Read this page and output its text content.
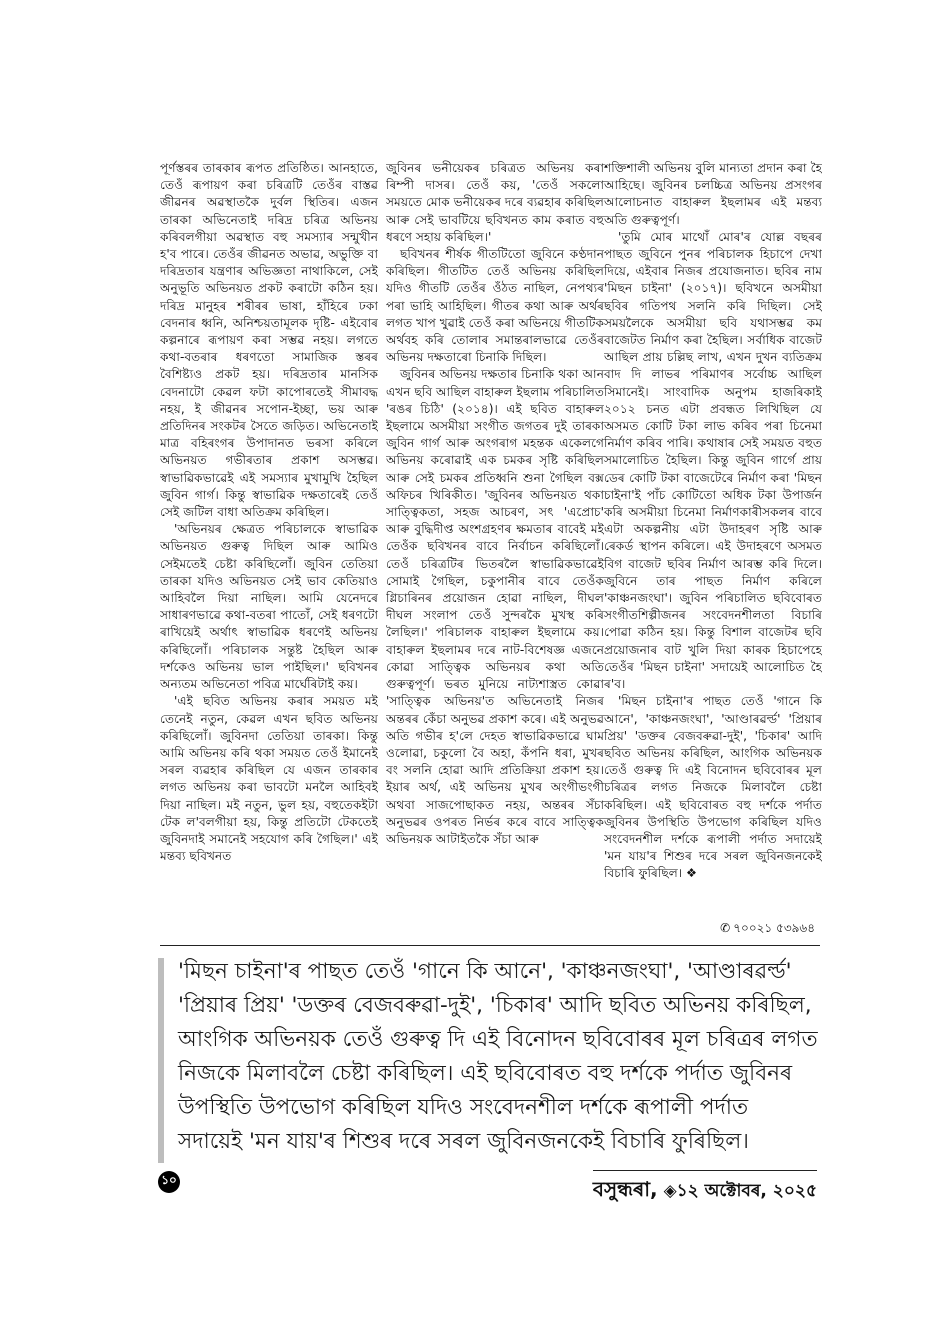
পূৰ্ণস্তৰৰ তাৰকাৰ ৰূপত প্ৰতিষ্ঠিত। আনহাতে, তেওঁ ৰূপায়ণ কৰা চৰিত্ৰটি তেওঁৰ বাস্তৱ জীৱনৰ অৱস্থাতকৈ দুৰ্বল স্থিতিৰ। এজন তাৰকা অভিনেতাই দৰিদ্ৰ চৰিত্ৰ অভিনয় কৰিবলগীয়া অৱস্থাত বহু সমস্যাৰ সন্মুখীন হ'ব পাৰে। তেওঁৰ জীৱনত অভাৱ, অভুক্তি বা দৰিদ্ৰতাৰ যন্ত্ৰণাৰ অভিজ্ঞতা নাথাকিলে, সেই অনুভূতি অভিনয়ত প্ৰকট কৰাটো কঠিন হয়। দৰিদ্ৰ মানুহৰ শৰীৰৰ ভাষা, হাঁহিৰে ঢকা বেদনাৰ ধ্বনি, অনিশ্চয়তামূলক দৃষ্টি- এইবোৰ কল্পনাৰে ৰূপায়ণ কৰা সম্ভৱ নহয়। লগতে কথা-বতৰাৰ ধৰণতো সামাজিক স্তৰৰ বৈশিষ্ট্যও প্ৰকট হয়। দৰিদ্ৰতাৰ মানসিক বেদনাটো কেৱল ফটা কাপোৰতেই সীমাবদ্ধ নহয়, ই জীৱনৰ সপোন-ইচ্ছা, ভয় আৰু প্ৰতিদিনৰ সংকটৰ সৈতে জড়িত। অভিনেতাই মাত্ৰ বহিৰংগৰ উপাদানত ভৰসা কৰিলে অভিনয়ত গভীৰতাৰ প্ৰকাশ অসম্ভৱ। স্বাভাৱিকভাৱেই এই সমস্যাৰ মুখামুখি হৈছিল জুবিন গাৰ্গ। কিন্তু স্বাভাৱিক দক্ষতাৰেই তেওঁ সেই জটিল বাধা অতিক্ৰম কৰিছিল।

'অভিনয়ৰ ক্ষেত্ৰত পৰিচালকে স্বাভাৱিক অভিনয়ত গুৰুত্ব দিছিল আৰু আমিও সেইমতেই চেষ্টা কৰিছিলোঁ। জুবিন তেতিয়া তাৰকা যদিও অভিনয়ত সেই ভাব কেতিয়াও আহিবলৈ দিয়া নাছিল। আমি যেনেদৰে সাধাৰণভাৱে কথা-বতৰা পাতোঁ, সেই ধৰণটো ৰাখিয়েই অৰ্থাৎ স্বাভাৱিক ধৰণেই অভিনয় কৰিছিলোঁ। পৰিচালক সন্তুষ্ট হৈছিল আৰু দৰ্শকেও অভিনয় ভাল পাইছিল।' ছবিখনৰ অন্যতম অভিনেতা পবিত্ৰ মাৰ্ঘেৰিটাই কয়।

'এই ছবিত অভিনয় কৰাৰ সময়ত মই তেনেই নতুন, কেৱল এখন ছবিত অভিনয় কৰিছিলোঁ। জুবিনদা তেতিয়া তাৰকা। কিন্তু আমি অভিনয় কৰি থকা সময়ত তেওঁ ইমানেই সৰল ব্যৱহাৰ কৰিছিল যে এজন তাৰকাৰ লগত অভিনয় কৰা ভাবটো মনলৈ আহিবই দিয়া নাছিল। মই নতুন, ভুল হয়, বহুতেকইটা টেক ল'বলগীয়া হয়, কিন্তু প্ৰতিটো টেকতেই জুবিনদাই সমানেই সহযোগ কৰি গৈছিল।' এই মন্তব্য ছবিখনত

জুবিনৰ ভনীয়েকৰ চৰিত্ৰত অভিনয় কৰা ৰিম্পী দাসৰ। তেওঁ কয়, 'তেওঁ সকলো সময়তে মোক ভনীয়েকৰ দৰে ব্যৱহাৰ কৰিছিল আৰু সেই ভাবটিয়ে ছবিখনত কাম কৰাত বহু ধৰণে সহায় কৰিছিল।'

ছবিখনৰ শীৰ্ষক গীতটিতো জুবিনে কণ্ঠদান কৰিছিল। গীতটিত তেওঁ অভিনয় কৰিছিল যদিও গীতটি তেওঁৰ ওঁঠত নাছিল, নেপথ্যৰ পৰা ভাহি আহিছিল। গীতৰ কথা আৰু অৰ্থৰ লগত খাপ খুৱাই তেওঁ কৰা অভিনয়ে গীতটিক অৰ্থবহ কৰি তোলাৰ সমান্তৰালভাৱে তেওঁৰ অভিনয় দক্ষতাৰো চিনাকি দিছিল।

জুবিনৰ অভিনয় দক্ষতাৰ চিনাকি থকা আন এখন ছবি আছিল বাহাৰুল ইছলাম পৰিচালিত 'ৰঙৰ চিঠি' (২০১৪)। এই ছবিত বাহাৰুল ইছলামে অসমীয়া সংগীত জগতৰ দুই তাৰকা জুবিন গাৰ্গ আৰু অংগৰাগ মহন্তক একেলগে অভিনয় কৰোৱাই এক চমকৰ সৃষ্টি কৰিছিল আৰু সেই চমকৰ প্ৰতিধ্বনি শুনা গৈছিল বক্স অফিচৰ খিৰিকীত। 'জুবিনৰ অভিনয়ত থকা সাত্ত্বিকতা, সহজ আচৰণ, সৎ 'এপ্ৰোচ' আৰু বুদ্ধিদীপ্ত অংশগ্ৰহণৰ ক্ষমতাৰ বাবেই মই তেওঁক ছবিখনৰ বাবে নিৰ্বাচন কৰিছিলোঁ। তেওঁ চৰিত্ৰটিৰ ভিতৰলৈ স্বাভাৱিকভাৱেই সোমাই গৈছিল, চকুপানীৰ বাবে তেওঁক গ্লিচাৰিনৰ প্ৰয়োজন হোৱা নাছিল, দীঘল দীঘল সংলাপ তেওঁ সুন্দৰকৈ মুখস্থ কৰি লৈছিল।' পৰিচালক বাহাৰুল ইছলামে কয়। বাহাৰুল ইছলামৰ দৰে নাট-বিশেষজ্ঞ এজনে কোৱা সাত্ত্বিক অভিনয়ৰ কথা অতি গুৰুত্বপূৰ্ণ। ভৰত মুনিয়ে নাট্যশাস্ত্ৰত কোৱা 'সাত্ত্বিক অভিনয়'ত অভিনেতাই নিজৰ অন্তৰৰ কেঁচা অনুভৱ প্ৰকাশ কৰে। এই অনুভৱ অতি গভীৰ হ'লে দেহত স্বাভাৱিকভাৱে ঘাম ওলোৱা, চকুলো বৈ অহা, কঁপনি ধৰা, মুখৰ বং সলনি হোৱা আদি প্ৰতিক্ৰিয়া প্ৰকাশ হয়। ইয়াৰ অৰ্থ, এই অভিনয় মুখৰ অংগীভংগী অথবা সাজপোছাকত নহয়, অন্তৰৰ সঁচা অনুভৱৰ ওপৰত নিৰ্ভৰ কৰে বাবে সাত্ত্বিক অভিনয়ক আটাইতকৈ সঁচা আৰু

শক্তিশালী অভিনয় বুলি মান্যতা প্ৰদান কৰা হৈ আহিছে। জুবিনৰ চলচ্চিত্ৰ অভিনয় প্ৰসংগৰ আলোচনাত বাহাৰুল ইছলামৰ এই মন্তব্য অতি গুৰুত্বপূৰ্ণ।

'তুমি মোৰ মাথোঁ মোৰ'ৰ যোল্ল বছৰৰ পাছত জুবিনে পুনৰ পৰিচালক হিচাপে দেখা দিয়ে, এইবাৰ নিজৰ প্ৰযোজনাত। ছবিৰ নাম 'মিছন চাইনা' (২০১৭)। ছবিখনে অসমীয়া ছবিৰ গতিপথ সলনি কৰি দিছিল। সেই সময়লৈকে অসমীয়া ছবি যথাসম্ভৱ কম বাজেটত নিৰ্মাণ কৰা হৈছিল। সৰ্বাধিক বাজেট আছিল প্ৰায় চল্লিছ লাখ, এখন দুখন ব্যতিক্ৰম বাদ দি লাভৰ পৰিমাণৰ সৰ্বোচ্চ আছিল সিমানেই। সাংবাদিক অনুপম হাজৰিকাই ২০১২ চনত এটা প্ৰবন্ধত লিখিছিল যে অসমত কোটি টকা লাভ কৰিব পৰা চিনেমা নিৰ্মাণ কৰিব পাৰি। কথাষাৰ সেই সময়ত বহুত সমালোচিত হৈছিল। কিন্তু জুবিন গাৰ্গে প্ৰায় ডেৰ কোটি টকা বাজেটেৰে নিৰ্মাণ কৰা 'মিছন চাইনা'ই পাঁচ কোটিতো অধিক টকা উপাৰ্জন কৰি অসমীয়া চিনেমা নিৰ্মাণকাৰীসকলৰ বাবে এটা অকল্পনীয় এটা উদাহৰণ সৃষ্টি আৰু ৰেকৰ্ড স্থাপন কৰিলে। এই উদাহৰণে অসমত বিগ বাজেট ছবিৰ নিৰ্মাণ আৰম্ভ কৰি দিলে। জুবিনে তাৰ পাছত নিৰ্মাণ কৰিলে 'কাঞ্চনজংঘা'। জুবিন পৰিচালিত ছবিবোৰত সংগীতশিল্পীজনৰ সংবেদনশীলতা বিচাৰি পোৱা কঠিন হয়। কিন্তু বিশাল বাজেটৰ ছবি প্ৰয়োজনাৰ বাট খুলি দিয়া কাৰক হিচাপেহে তেওঁৰ 'মিছন চাইনা' সদায়েই আলোচিত হৈ ৰ'ব।

'মিছন চাইনা'ৰ পাছত তেওঁ 'গানে কি আনে', 'কাঞ্চনজংঘা', 'আণ্ডাৰৱৰ্ল্ড' 'প্ৰিয়াৰ প্ৰিয়' 'ডক্তৰ বেজবৰুৱা-দুই', 'চিকাৰ' আদি ছবিত অভিনয় কৰিছিল, আংগিক অভিনয়ক তেওঁ গুৰুত্ব দি এই বিনোদন ছবিবোৰৰ মূল চৰিত্ৰৰ লগত নিজকে মিলাবলৈ চেষ্টা কৰিছিল। এই ছবিবোৰত বহু দৰ্শকে পৰ্দাত জুবিনৰ উপস্থিতি উপভোগ কৰিছিল যদিও সংবেদনশীল দৰ্শকে ৰূপালী পৰ্দাত সদায়েই 'মন যায়'ৰ শিশুৰ দৰে সৰল জুবিনজনকেই বিচাৰি ফুৰিছিল। ❖

✆ ৭০০২১ ৫৩৯৬৪
'মিছন চাইনা'ৰ পাছত তেওঁ 'গানে কি আনে', 'কাঞ্চনজংঘা', 'আণ্ডাৰৱৰ্ল্ড' 'প্ৰিয়াৰ প্ৰিয়' 'ডক্তৰ বেজবৰুৱা-দুই', 'চিকাৰ' আদি ছবিত অভিনয় কৰিছিল, আংগিক অভিনয়ক তেওঁ গুৰুত্ব দি এই বিনোদন ছবিবোৰৰ মূল চৰিত্ৰৰ লগত নিজকে মিলাবলৈ চেষ্টা কৰিছিল। এই ছবিবোৰত বহু দৰ্শকে পৰ্দাত জুবিনৰ উপস্থিতি উপভোগ কৰিছিল যদিও সংবেদনশীল দৰ্শকে ৰূপালী পৰ্দাত সদায়েই 'মন যায়'ৰ শিশুৰ দৰে সৰল জুবিনজনকেই বিচাৰি ফুৰিছিল।
১০	বসুন্ধৰা, ◈১২ অক্টোবৰ, ২০২৫
